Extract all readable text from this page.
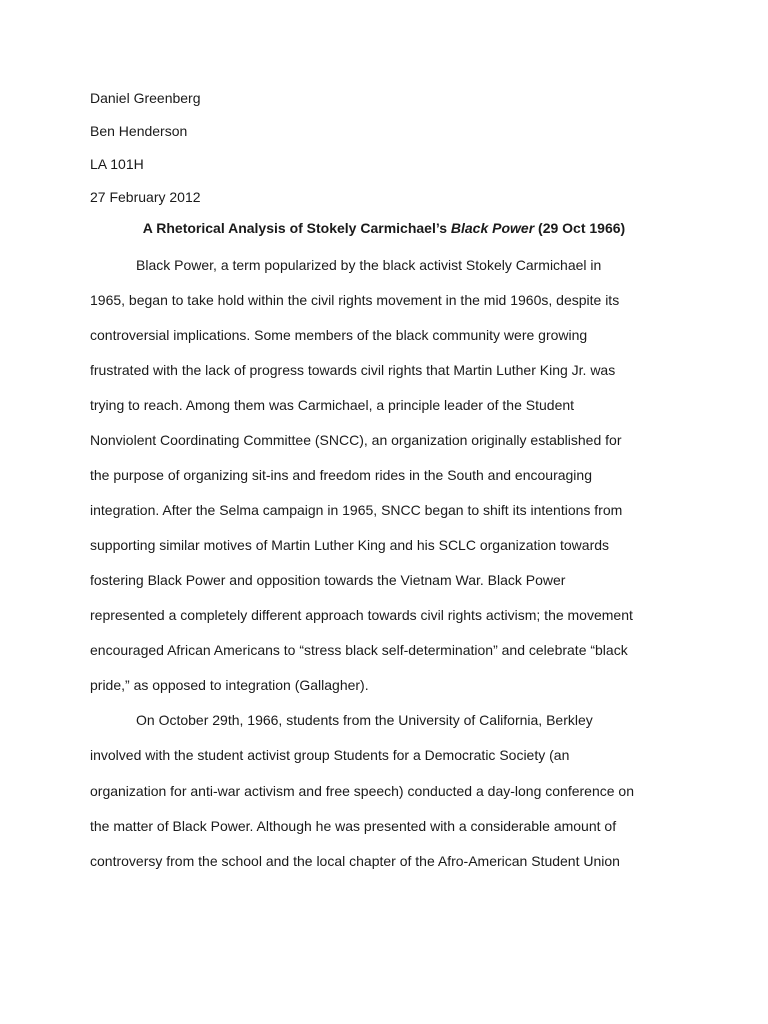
Daniel Greenberg
Ben Henderson
LA 101H
27 February 2012
A Rhetorical Analysis of Stokely Carmichael’s Black Power (29 Oct 1966)
Black Power, a term popularized by the black activist Stokely Carmichael in
1965, began to take hold within the civil rights movement in the mid 1960s, despite its
controversial implications. Some members of the black community were growing
frustrated with the lack of progress towards civil rights that Martin Luther King Jr. was
trying to reach. Among them was Carmichael, a principle leader of the Student
Nonviolent Coordinating Committee (SNCC), an organization originally established for
the purpose of organizing sit-ins and freedom rides in the South and encouraging
integration. After the Selma campaign in 1965, SNCC began to shift its intentions from
supporting similar motives of Martin Luther King and his SCLC organization towards
fostering Black Power and opposition towards the Vietnam War. Black Power
represented a completely different approach towards civil rights activism; the movement
encouraged African Americans to “stress black self-determination” and celebrate “black
pride,” as opposed to integration (Gallagher).
On October 29th, 1966, students from the University of California, Berkley
involved with the student activist group Students for a Democratic Society (an
organization for anti-war activism and free speech) conducted a day-long conference on
the matter of Black Power. Although he was presented with a considerable amount of
controversy from the school and the local chapter of the Afro-American Student Union
